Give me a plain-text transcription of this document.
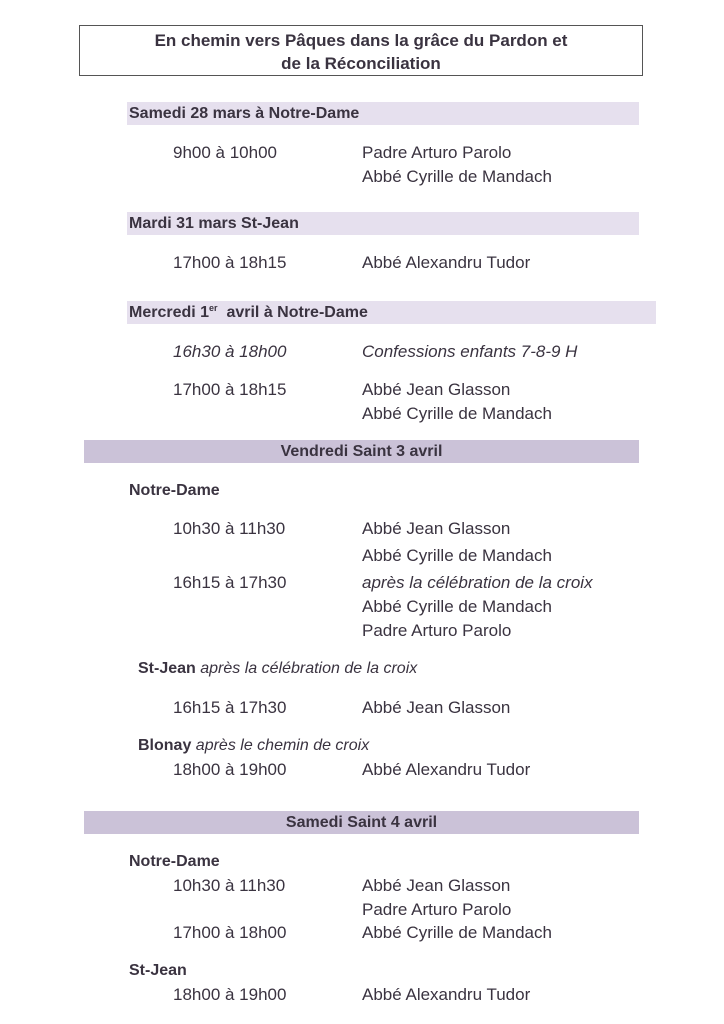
En chemin vers Pâques dans la grâce du Pardon et
de la Réconciliation
Samedi 28 mars à Notre-Dame
9h00 à 10h00	Padre Arturo Parolo
Abbé Cyrille de Mandach
Mardi 31 mars St-Jean
17h00 à 18h15	Abbé Alexandru Tudor
Mercredi 1er  avril à Notre-Dame
16h30 à 18h00	Confessions enfants 7-8-9 H
17h00 à 18h15	Abbé Jean Glasson
Abbé Cyrille de Mandach
Vendredi Saint 3 avril
Notre-Dame
10h30 à 11h30	Abbé Jean Glasson
Abbé Cyrille de Mandach
16h15 à 17h30	après la célébration de la croix
Abbé Cyrille de Mandach
Padre Arturo Parolo
St-Jean après la célébration de la croix
16h15 à 17h30	Abbé Jean Glasson
Blonay après le chemin de croix
18h00 à 19h00	Abbé Alexandru Tudor
Samedi Saint 4 avril
Notre-Dame
10h30 à 11h30	Abbé Jean Glasson
Padre Arturo Parolo
17h00 à 18h00	Abbé Cyrille de Mandach
St-Jean
18h00 à 19h00	Abbé Alexandru Tudor
